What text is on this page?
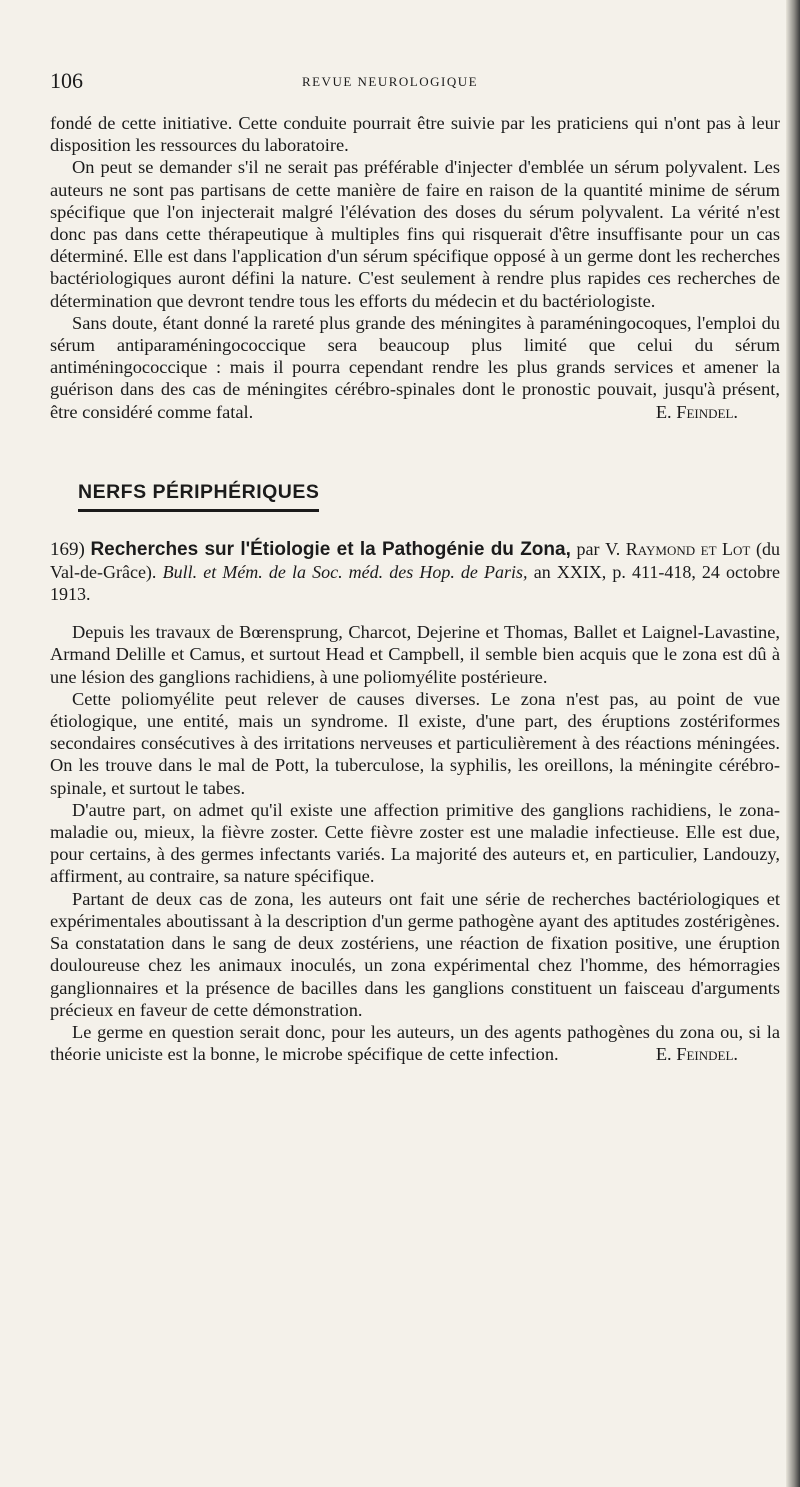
106	REVUE NEUROLOGIQUE

fondé de cette initiative. Cette conduite pourrait être suivie par les praticiens qui n'ont pas à leur disposition les ressources du laboratoire.

On peut se demander s'il ne serait pas préférable d'injecter d'emblée un sérum polyvalent. Les auteurs ne sont pas partisans de cette manière de faire en raison de la quantité minime de sérum spécifique que l'on injecterait malgré l'élévation des doses du sérum polyvalent. La vérité n'est donc pas dans cette thérapeutique à multiples fins qui risquerait d'être insuffisante pour un cas déterminé. Elle est dans l'application d'un sérum spécifique opposé à un germe dont les recherches bactériologiques auront défini la nature. C'est seulement à rendre plus rapides ces recherches de détermination que devront tendre tous les efforts du médecin et du bactériologiste.

Sans doute, étant donné la rareté plus grande des méningites à paraméningocoques, l'emploi du sérum antiparaméningococcique sera beaucoup plus limité que celui du sérum antiméningococcique : mais il pourra cependant rendre les plus grands services et amener la guérison dans des cas de méningites cérébro-spinales dont le pronostic pouvait, jusqu'à présent, être considéré comme fatal.	E. Feindel.
NERFS PÉRIPHÉRIQUES
169) Recherches sur l'Étiologie et la Pathogénie du Zona, par V. Raymond et Lot (du Val-de-Grâce). Bull. et Mém. de la Soc. méd. des Hop. de Paris, an XXIX, p. 411-418, 24 octobre 1913.

Depuis les travaux de Bœrensprung, Charcot, Dejerine et Thomas, Ballet et Laignel-Lavastine, Armand Delille et Camus, et surtout Head et Campbell, il semble bien acquis que le zona est dû à une lésion des ganglions rachidiens, à une poliomyélite postérieure.

Cette poliomyélite peut relever de causes diverses. Le zona n'est pas, au point de vue étiologique, une entité, mais un syndrome. Il existe, d'une part, des éruptions zostériformes secondaires consécutives à des irritations nerveuses et particulièrement à des réactions méningées. On les trouve dans le mal de Pott, la tuberculose, la syphilis, les oreillons, la méningite cérébro-spinale, et surtout le tabes.

D'autre part, on admet qu'il existe une affection primitive des ganglions rachidiens, le zona-maladie ou, mieux, la fièvre zoster. Cette fièvre zoster est une maladie infectieuse. Elle est due, pour certains, à des germes infectants variés. La majorité des auteurs et, en particulier, Landouzy, affirment, au contraire, sa nature spécifique.

Partant de deux cas de zona, les auteurs ont fait une série de recherches bactériologiques et expérimentales aboutissant à la description d'un germe pathogène ayant des aptitudes zostérigènes. Sa constatation dans le sang de deux zostériens, une réaction de fixation positive, une éruption douloureuse chez les animaux inoculés, un zona expérimental chez l'homme, des hémorragies ganglionnaires et la présence de bacilles dans les ganglions constituent un faisceau d'arguments précieux en faveur de cette démonstration.

Le germe en question serait donc, pour les auteurs, un des agents pathogènes du zona ou, si la théorie uniciste est la bonne, le microbe spécifique de cette infection.	E. Feindel.
